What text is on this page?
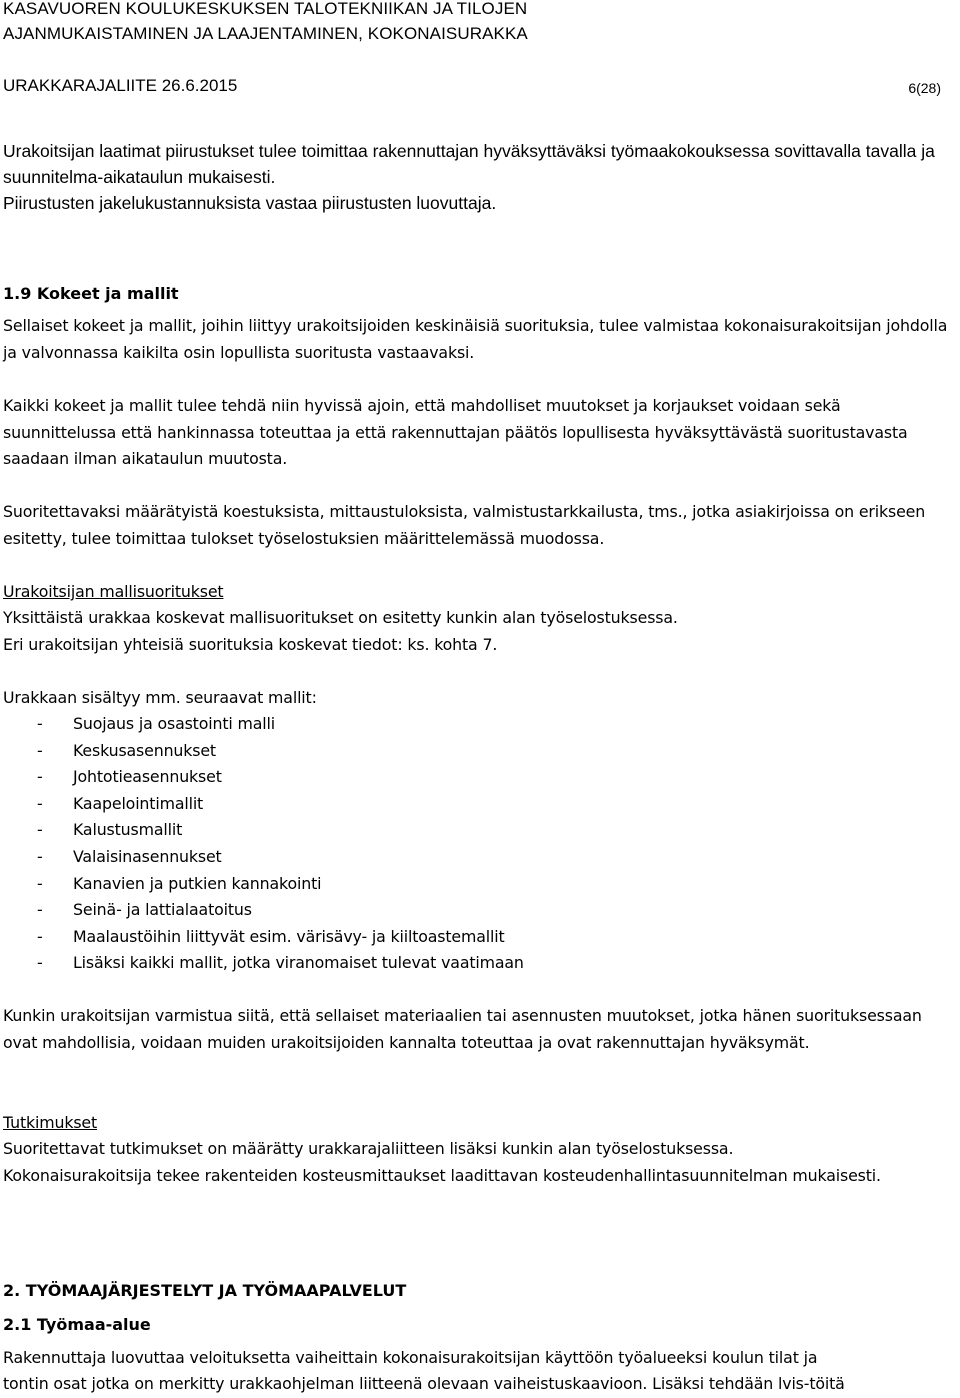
KASAVUOREN KOULUKESKUKSEN TALOTEKNIIKAN JA TILOJEN
AJANMUKAISTAMINEN JA LAAJENTAMINEN, KOKONAISURAKKA
URAKKARAJALIITE 26.6.2015	6(28)

Urakoitsijan laatimat piirustukset tulee toimittaa rakennuttajan hyväksyttäväksi työmaakokouksessa sovittavalla tavalla ja suunnitelma-aikataulun mukaisesti.

Piirustusten jakelukustannuksista vastaa piirustusten luovuttaja.

1.9 Kokeet ja mallit

Sellaiset kokeet ja mallit, joihin liittyy urakoitsijoiden keskinäisiä suorituksia, tulee valmistaa kokonaisurakoitsijan johdolla ja valvonnassa kaikilta osin lopullista suoritusta vastaavaksi.

Kaikki kokeet ja mallit tulee tehdä niin hyvissä ajoin, että mahdolliset muutokset ja korjaukset voidaan sekä suunnittelussa että hankinnassa toteuttaa ja että rakennuttajan päätös lopullisesta hyväksyttävästä suoritustavasta saadaan ilman aikataulun muutosta.

Suoritettavaksi määrätyistä koestuksista, mittaustuloksista, valmistustarkkailusta, tms., jotka asiakirjoissa on erikseen esitetty, tulee toimittaa tulokset työselostuksien määrittelemässä muodossa.

Urakoitsijan mallisuoritukset

Yksittäistä urakkaa koskevat mallisuoritukset on esitetty kunkin alan työselostuksessa.

Eri urakoitsijan yhteisiä suorituksia koskevat tiedot: ks. kohta 7.

Urakkaan sisältyy mm. seuraavat mallit:

-	Suojaus ja osastointi malli
-	Keskusasennukset
-	Johtotieasennukset
-	Kaapelointimallit
-	Kalustusmallit
-	Valaisinasennukset
-	Kanavien ja putkien kannakointi
-	Seinä- ja lattialaatoitus
-	Maalaustöihin liittyvät esim. värisävy- ja kiiltoastemallit
-	Lisäksi kaikki mallit, jotka viranomaiset tulevat vaatimaan

Kunkin urakoitsijan varmistua siitä, että sellaiset materiaalien tai asennusten muutokset, jotka hänen suorituksessaan ovat mahdollisia, voidaan muiden urakoitsijoiden kannalta toteuttaa ja ovat rakennuttajan hyväksymät.

Tutkimukset

Suoritettavat tutkimukset on määrätty urakkarajaliitteen lisäksi kunkin alan työselostuksessa.

Kokonaisurakoitsija tekee rakenteiden kosteusmittaukset laadittavan kosteudenhallintasuunnitelman mukaisesti.

2. TYÖMAAJÄRJESTELYT JA TYÖMAAPALVELUT

2.1 Työmaa-alue

Rakennuttaja luovuttaa veloituksetta vaiheittain kokonaisurakoitsijan käyttöön työalueeksi koulun tilat ja

tontin osat jotka on merkitty urakkaohjelman liitteenä olevaan vaiheistuskaavioon. Lisäksi tehdään lvis-töitä
